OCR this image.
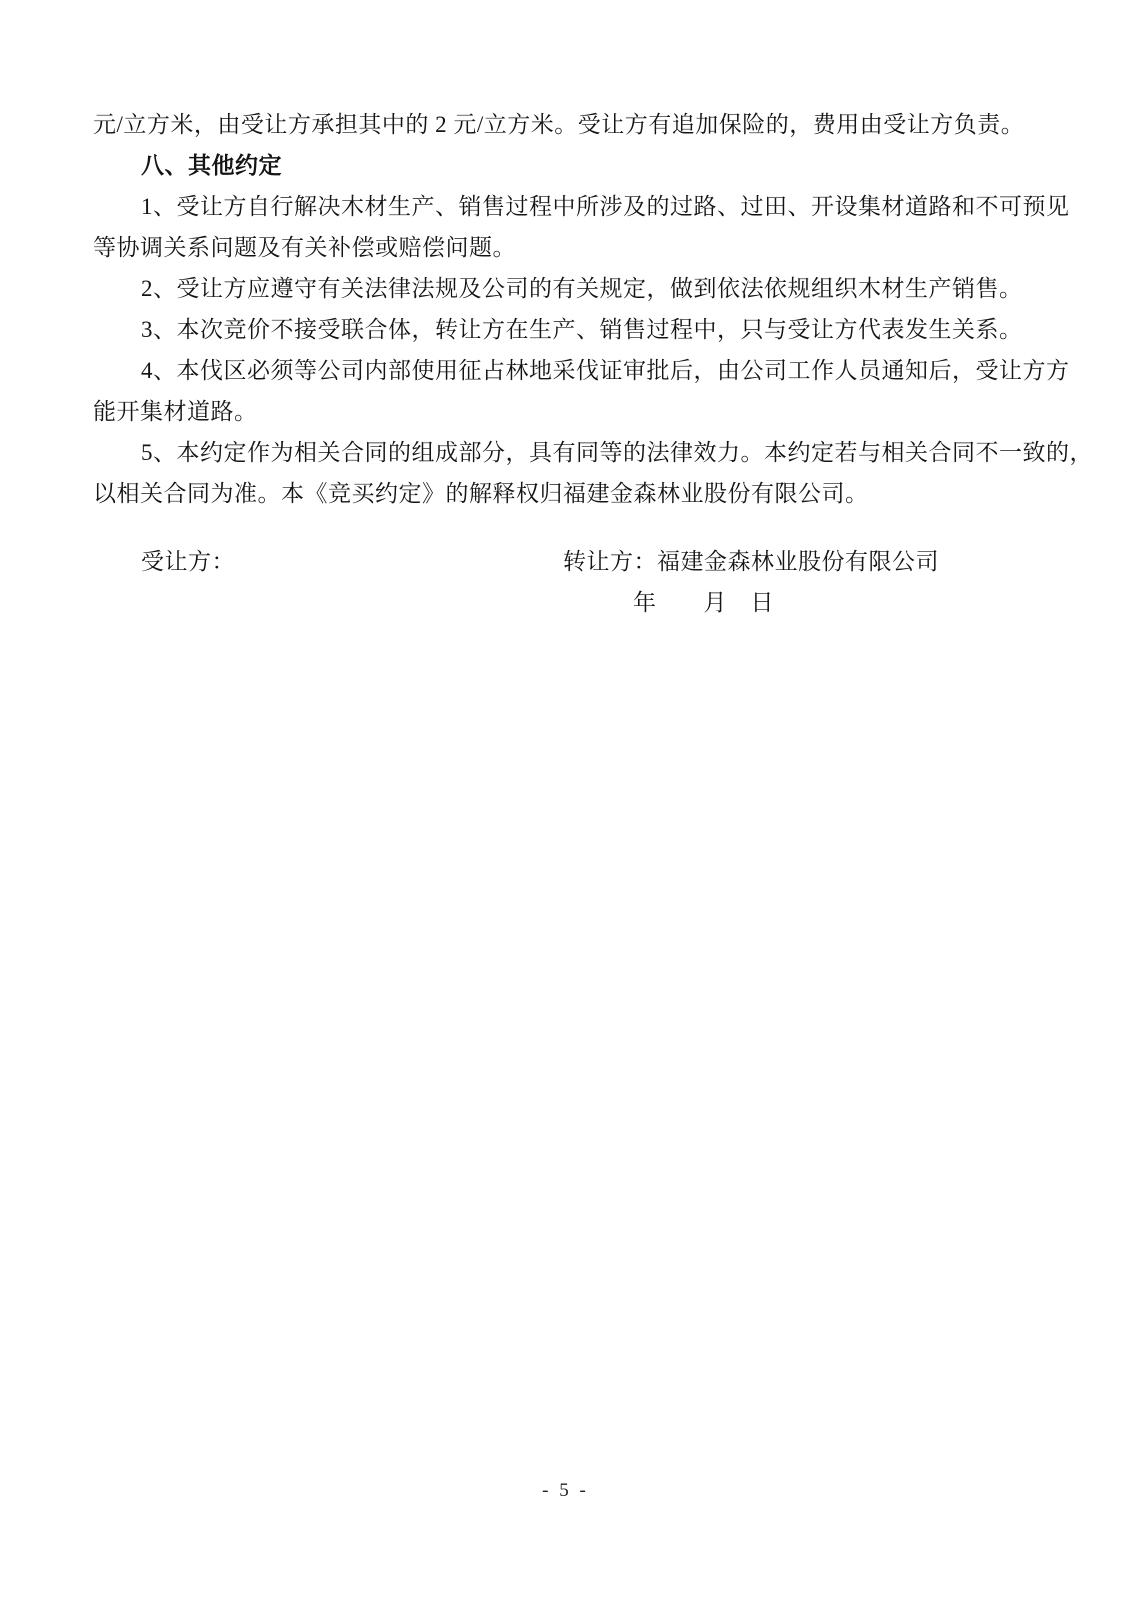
元/立方米，由受让方承担其中的 2 元/立方米。受让方有追加保险的，费用由受让方负责。
八、其他约定
1、受让方自行解决木材生产、销售过程中所涉及的过路、过田、开设集材道路和不可预见
等协调关系问题及有关补偿或赔偿问题。
2、受让方应遵守有关法律法规及公司的有关规定，做到依法依规组织木材生产销售。
3、本次竞价不接受联合体，转让方在生产、销售过程中，只与受让方代表发生关系。
4、本伐区必须等公司内部使用征占林地采伐证审批后，由公司工作人员通知后，受让方方
能开集材道路。
5、本约定作为相关合同的组成部分，具有同等的法律效力。本约定若与相关合同不一致的，
以相关合同为准。本《竞买约定》的解释权归福建金森林业股份有限公司。
受让方：	转让方：福建金森林业股份有限公司
年　　月　日
- 5 -
